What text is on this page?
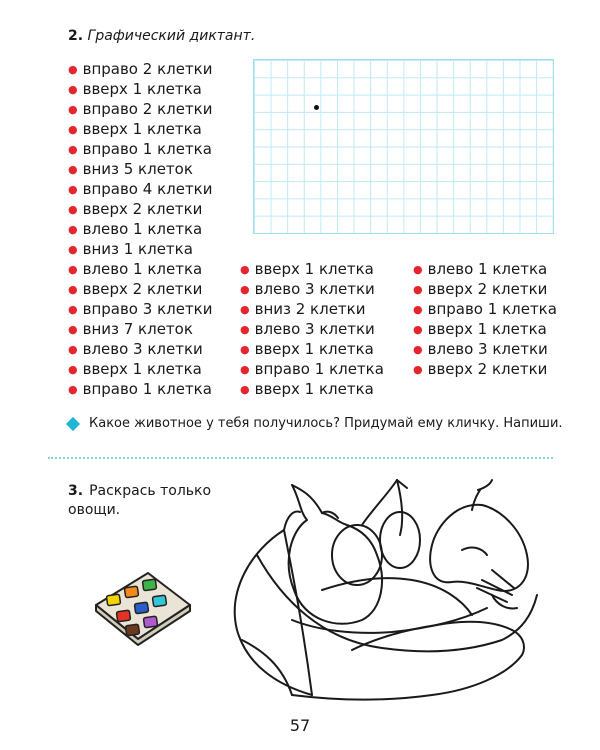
2. Графический диктант.
● вправо 2 клетки
● вверх 1 клетка
● вправо 2 клетки
● вверх 1 клетка
● вправо 1 клетка
● вниз 5 клеток
● вправо 4 клетки
● вверх 2 клетки
● влево 1 клетка
● вниз 1 клетка
● влево 1 клетка
● вверх 2 клетки
● вправо 3 клетки
● вниз 7 клеток
● влево 3 клетки
● вверх 1 клетка
● вправо 1 клетка
● вверх 1 клетка
● влево 3 клетки
● вниз 2 клетки
● влево 3 клетки
● вверх 1 клетка
● вправо 1 клетка
● вверх 1 клетка
● влево 1 клетка
● вверх 2 клетки
● вправо 1 клетка
● вверх 1 клетка
● влево 3 клетки
● вверх 2 клетки
Какое животное у тебя получилось? Придумай ему кличку. Напиши.
3. Раскрась только овощи.
57
